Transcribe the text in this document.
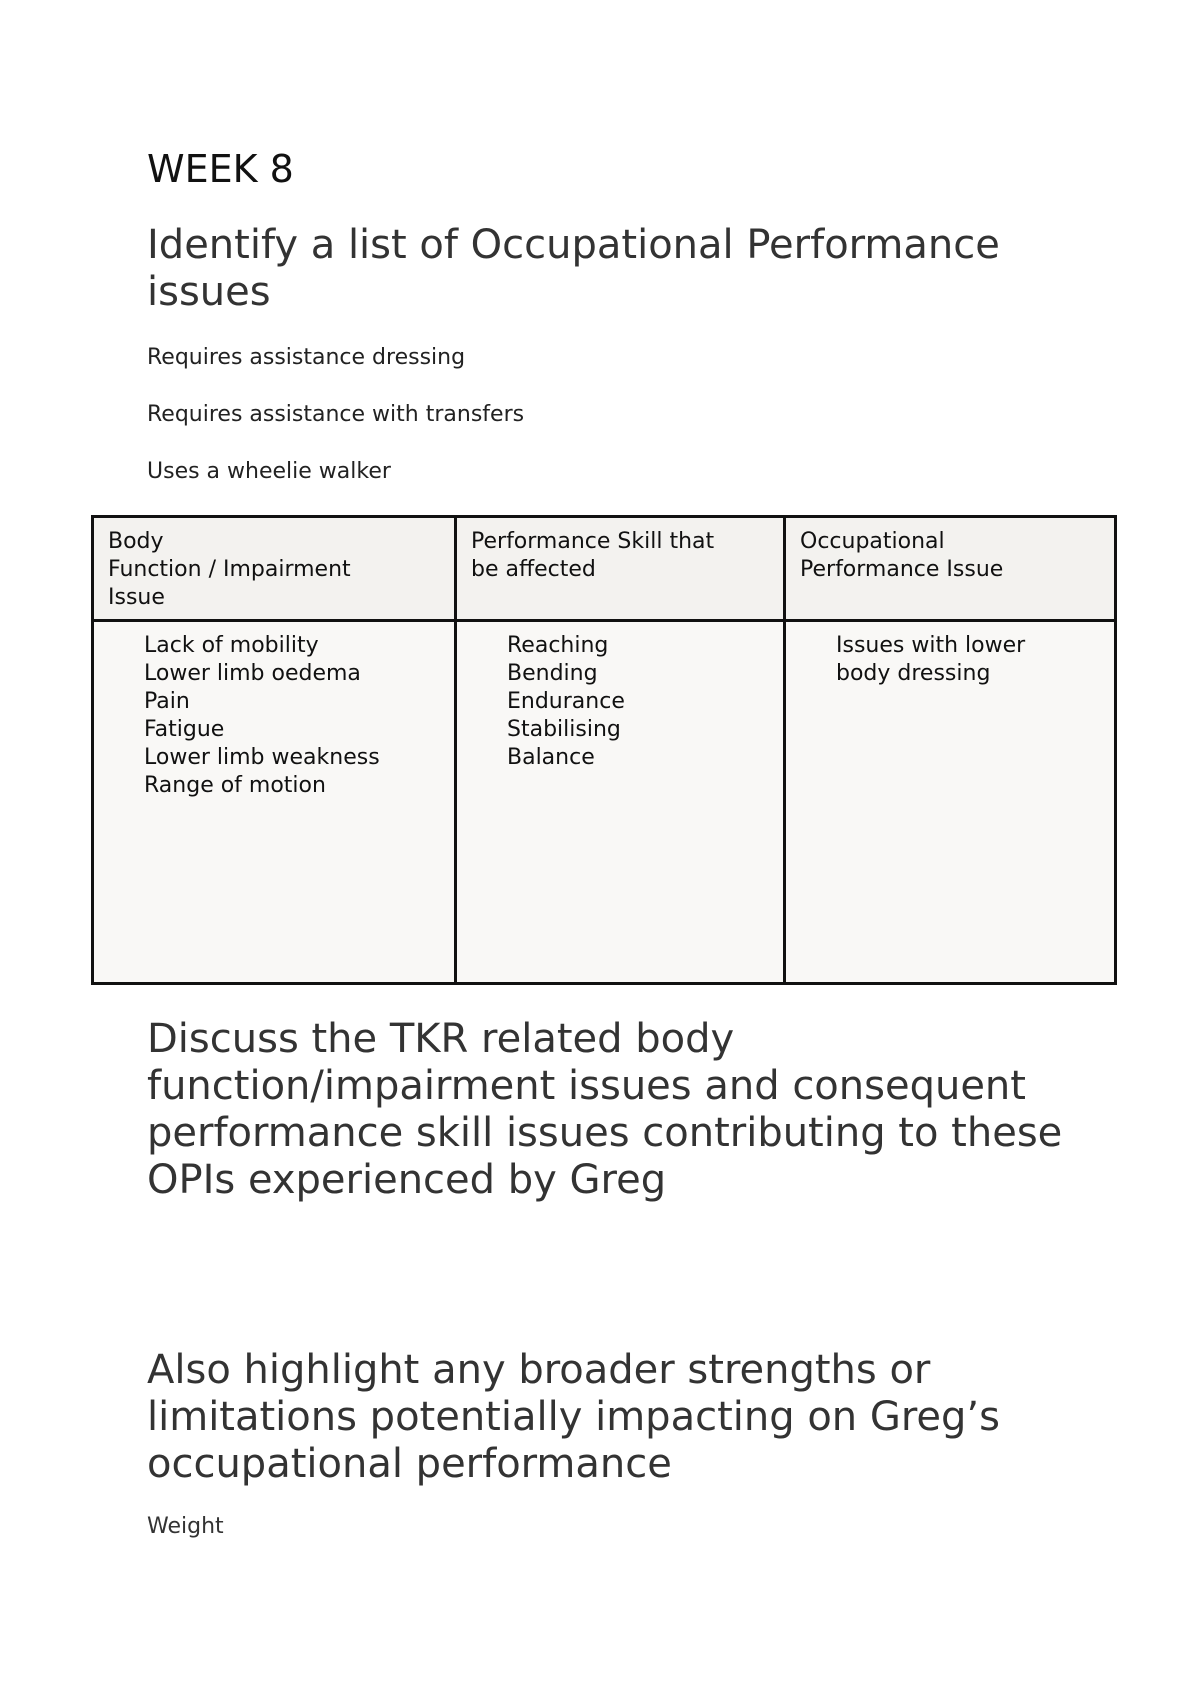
WEEK 8
Identify a list of Occupational Performance issues

Requires assistance dressing

Requires assistance with transfers

Uses a wheelie walker

Body
Function / Impairment
Issue
Performance Skill that
be affected
Occupational
Performance Issue
Lack of mobility
Lower limb oedema
Pain
Fatigue
Lower limb weakness
Range of motion
Reaching
Bending
Endurance
Stabilising
Balance
Issues with lower
body dressing
Discuss the TKR related body function/impairment issues and consequent performance skill issues contributing to these OPIs experienced by Greg
Also highlight any broader strengths or limitations potentially impacting on Greg’s occupational performance

Weight
